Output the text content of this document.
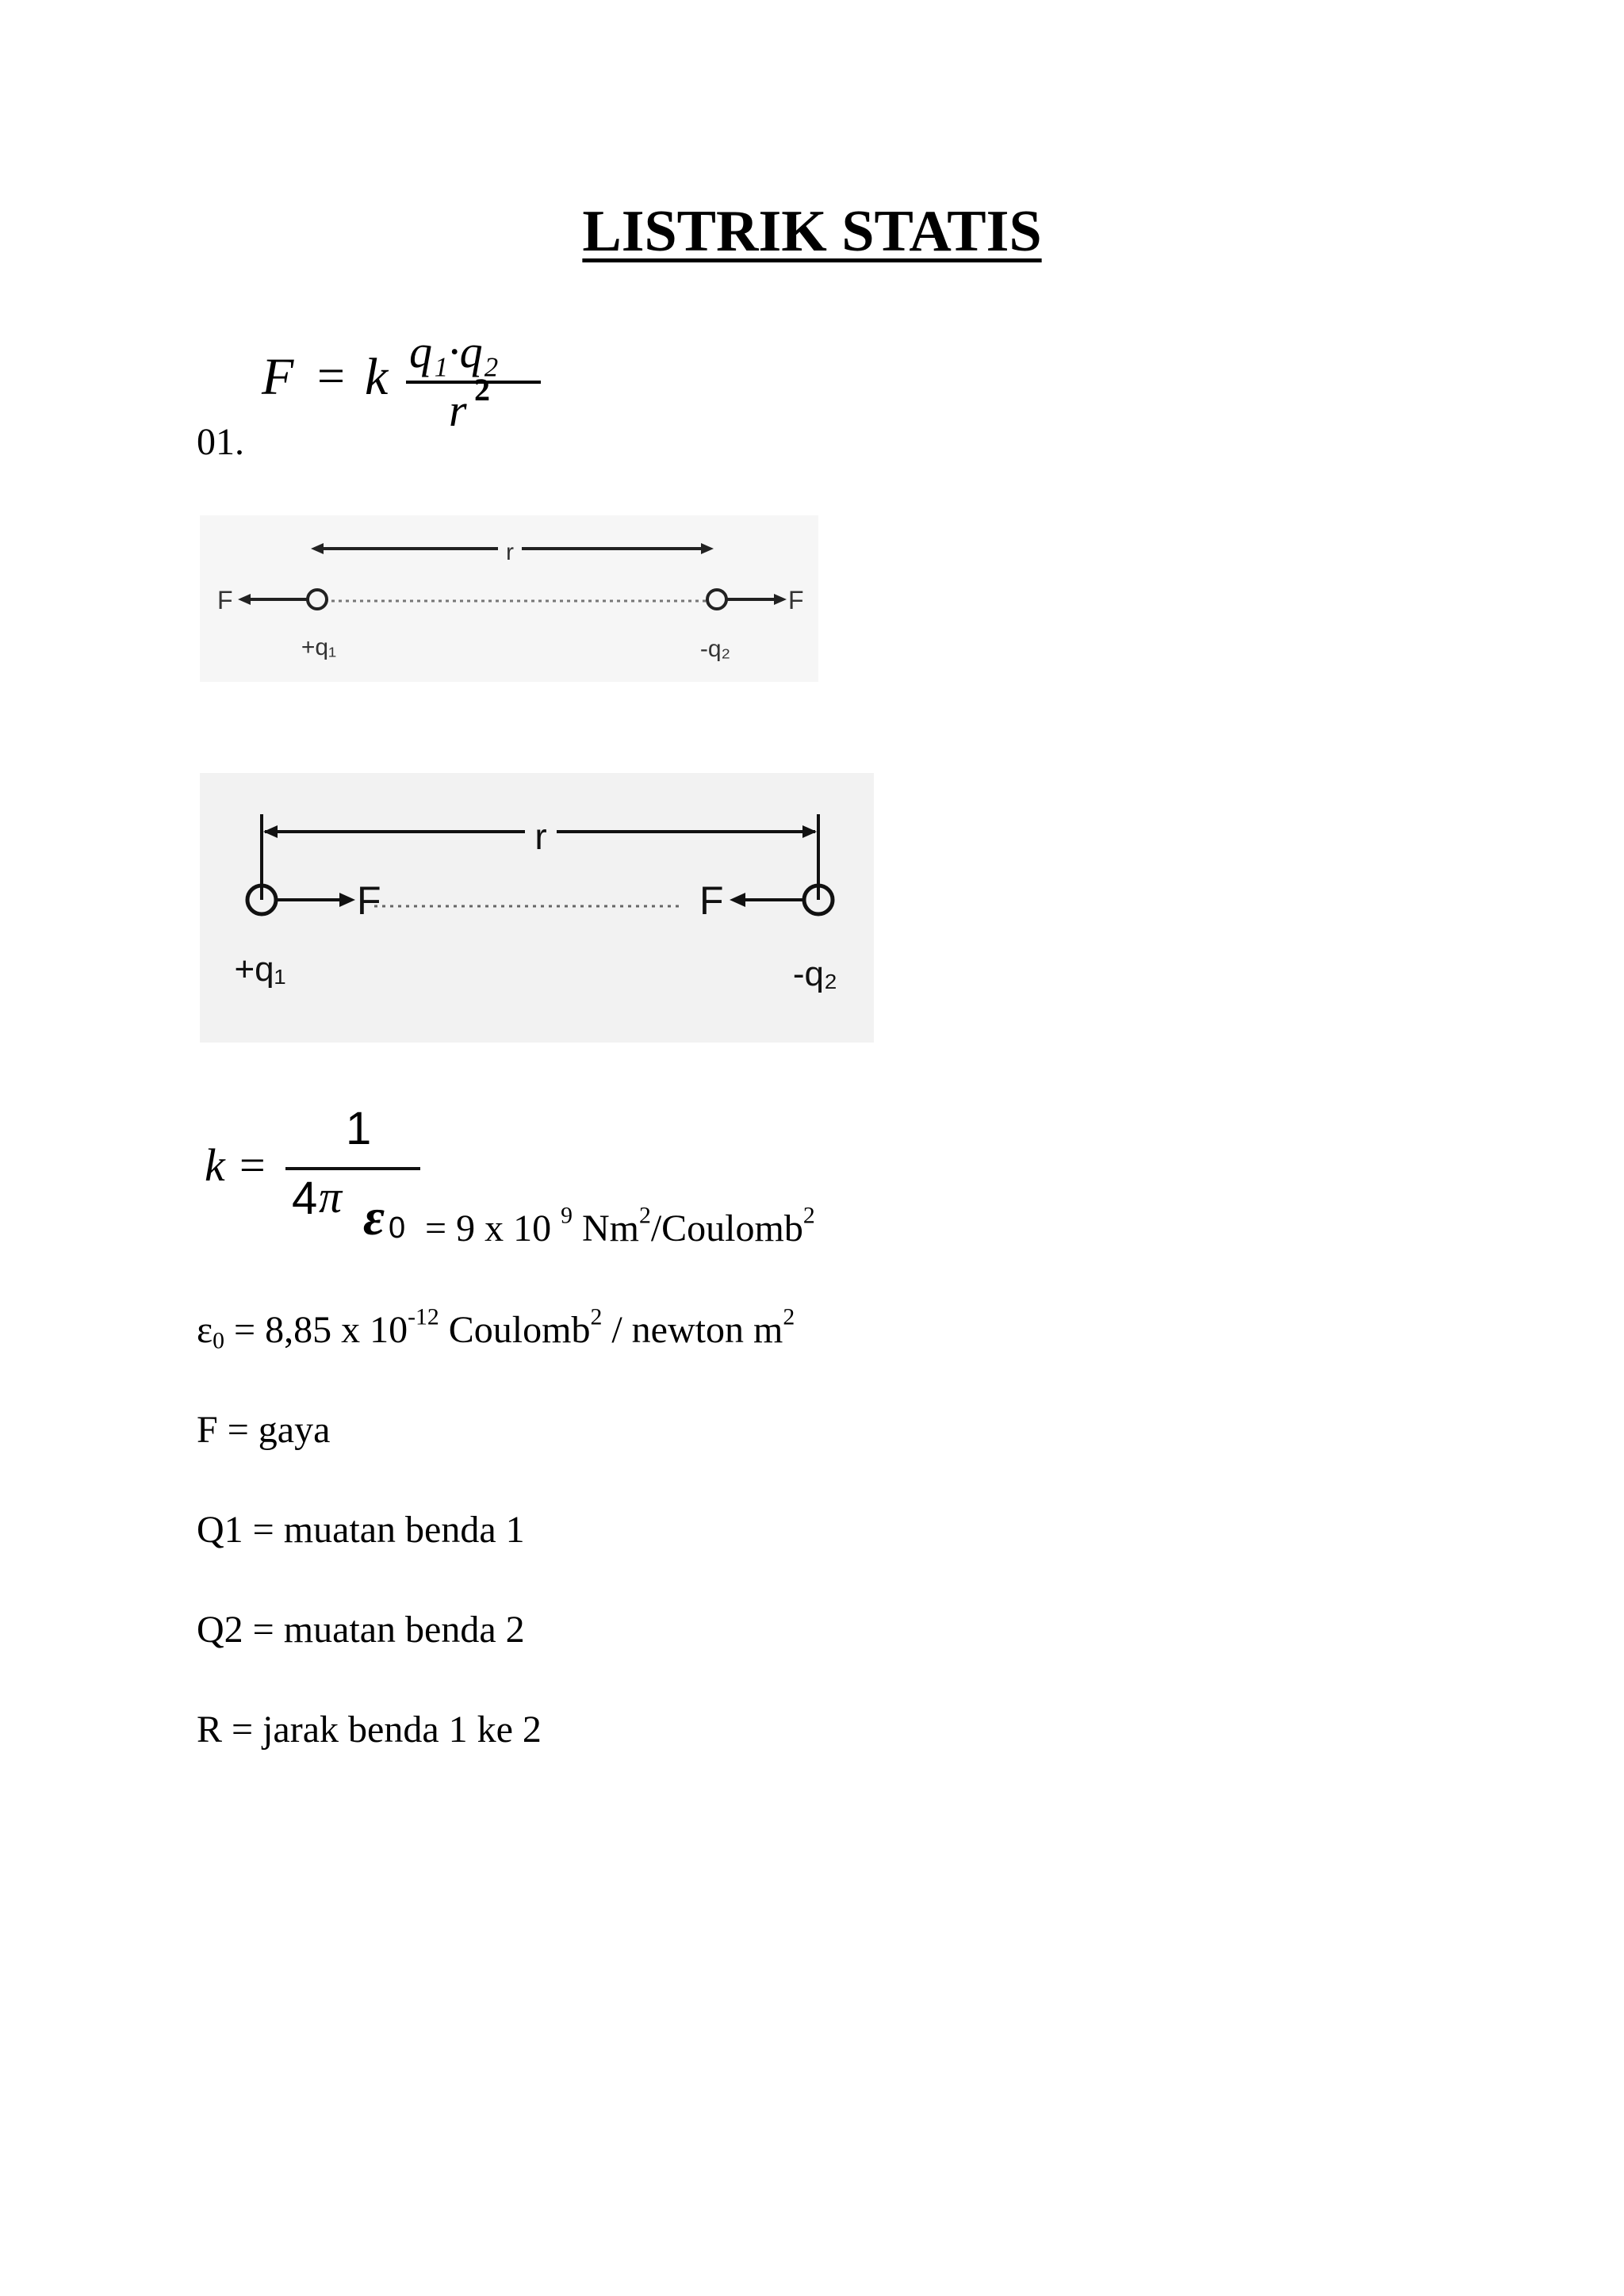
LISTRIK STATIS
F = k q₁·q₂
r 2
01.
r
F	F
+q₁	-q₂
r
F	F
+q₁	-q₂
k =
1
4 π ε 0 = 9 x 10 $^9$ Nm$^2$/Coulomb$^2$
$\varepsilon_0 = 8,85$ x $10^{-12}$ Coulomb$^2$ / newton $m^2$
F = gaya
Q1 = muatan benda 1
Q2 = muatan benda 2
R = jarak benda 1 ke 2
